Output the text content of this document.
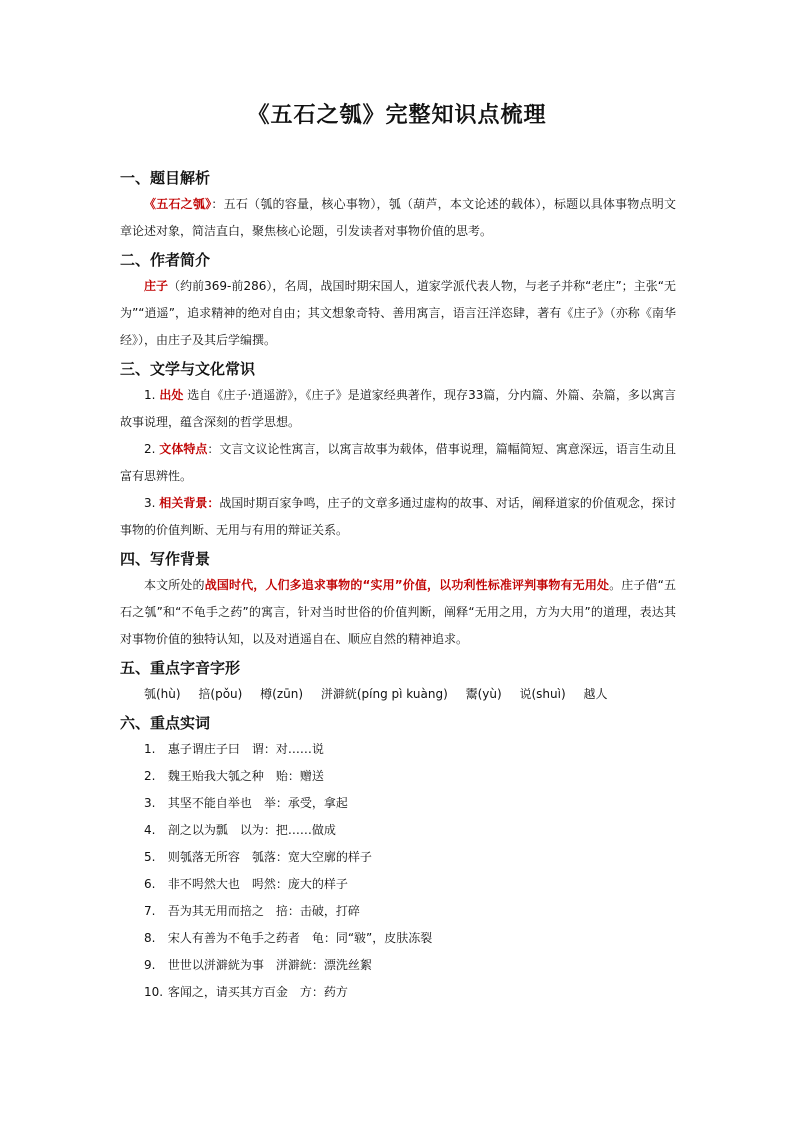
《五石之瓠》完整知识点梳理
一、题目解析

《五石之瓠》：五石（瓠的容量，核心事物），瓠（葫芦，本文论述的载体），标题以具体事物点明文章论述对象，简洁直白，聚焦核心论题，引发读者对事物价值的思考。

二、作者简介

庄子（约前369-前286），名周，战国时期宋国人，道家学派代表人物，与老子并称“老庄”；主张“无为”“逍遥”，追求精神的绝对自由；其文想象奇特、善用寓言，语言汪洋恣肆，著有《庄子》（亦称《南华经》），由庄子及其后学编撰。

三、文学与文化常识

1. 出处 选自《庄子·逍遥游》，《庄子》是道家经典著作，现存33篇，分内篇、外篇、杂篇，多以寓言故事说理，蕴含深刻的哲学思想。

2. 文体特点：文言文议论性寓言，以寓言故事为载体，借事说理，篇幅简短、寓意深远，语言生动且富有思辨性。

3. 相关背景：战国时期百家争鸣，庄子的文章多通过虚构的故事、对话，阐释道家的价值观念，探讨事物的价值判断、无用与有用的辩证关系。

四、写作背景

本文所处的战国时代，人们多追求事物的“实用”价值，以功利性标准评判事物有无用处。庄子借“五石之瓠”和“不龟手之药”的寓言，针对当时世俗的价值判断，阐释“无用之用，方为大用”的道理，表达其对事物价值的独特认知，以及对逍遥自在、顺应自然的精神追求。

五、重点字音字形
瓠(hù) 掊(pǒu) 樽(zūn) 洴澼絖(píng pì kuàng) 鬻(yù) 说(shuì) 越人
六、重点实词
1. 惠子谓庄子曰 谓：对……说
2. 魏王贻我大瓠之种 贻：赠送
3. 其坚不能自举也 举：承受，拿起
4. 剖之以为瓢 以为：把……做成
5. 则瓠落无所容 瓠落：宽大空廓的样子
6. 非不呺然大也 呺然：庞大的样子
7. 吾为其无用而掊之 掊：击破，打碎
8. 宋人有善为不龟手之药者 龟：同“皲”，皮肤冻裂
9. 世世以洴澼絖为事 洴澼絖：漂洗丝絮
10. 客闻之，请买其方百金 方：药方
